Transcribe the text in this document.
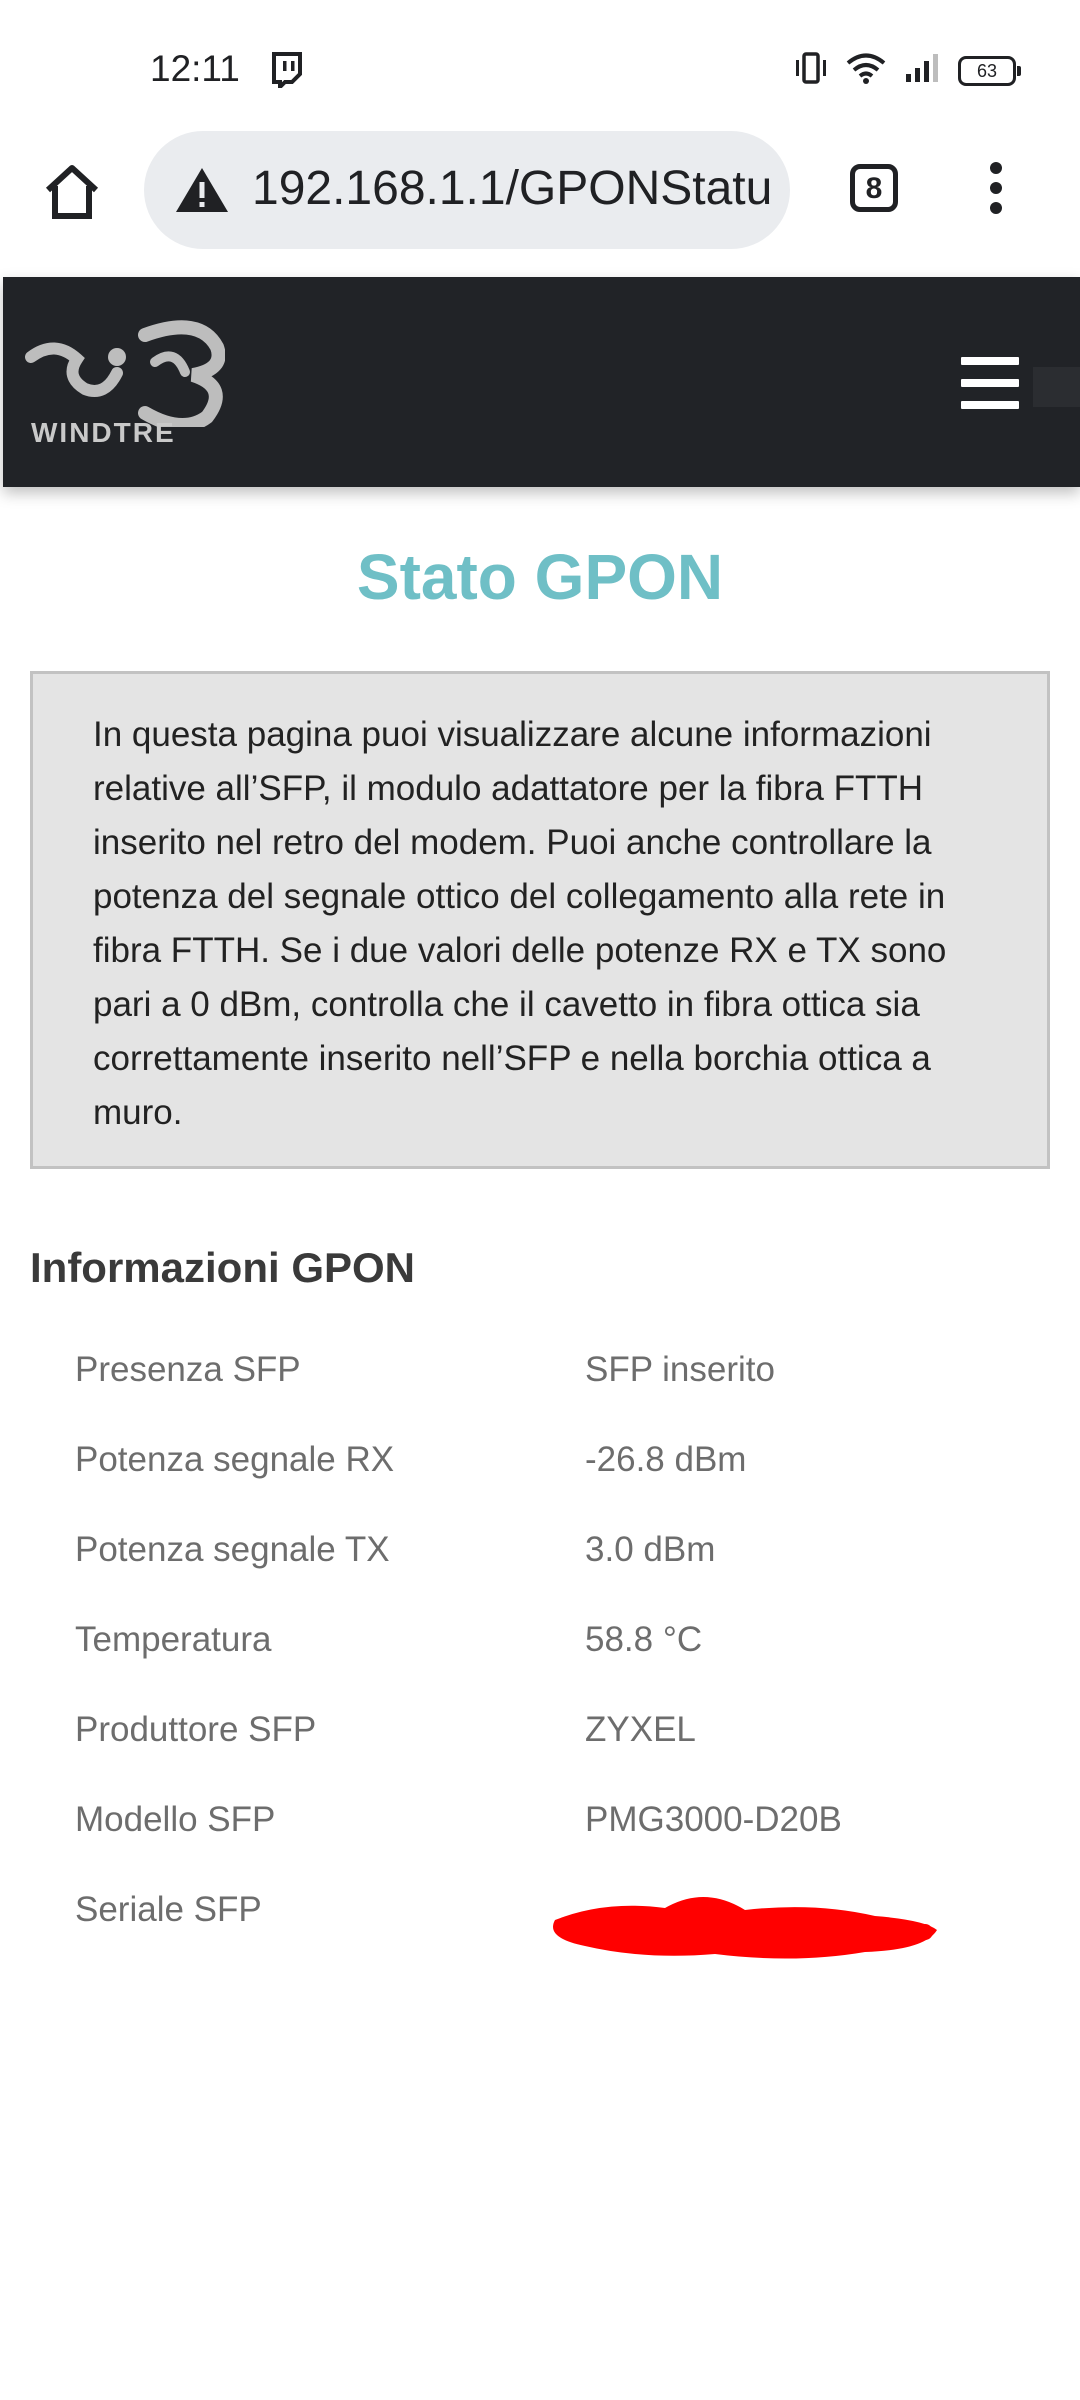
12:11	63
192.168.1.1/GPONStatu	8
WINDTRE
Stato GPON

In questa pagina puoi visualizzare alcune informazioni relative all’SFP, il modulo adattatore per la fibra FTTH inserito nel retro del modem. Puoi anche controllare la potenza del segnale ottico del collegamento alla rete in fibra FTTH. Se i due valori delle potenze RX e TX sono pari a 0 dBm, controlla che il cavetto in fibra ottica sia correttamente inserito nell’SFP e nella borchia ottica a muro.

Informazioni GPON
Presenza SFP	SFP inserito
Potenza segnale RX	-26.8 dBm
Potenza segnale TX	3.0 dBm
Temperatura	58.8 °C
Produttore SFP	ZYXEL
Modello SFP	PMG3000-D20B
Seriale SFP
